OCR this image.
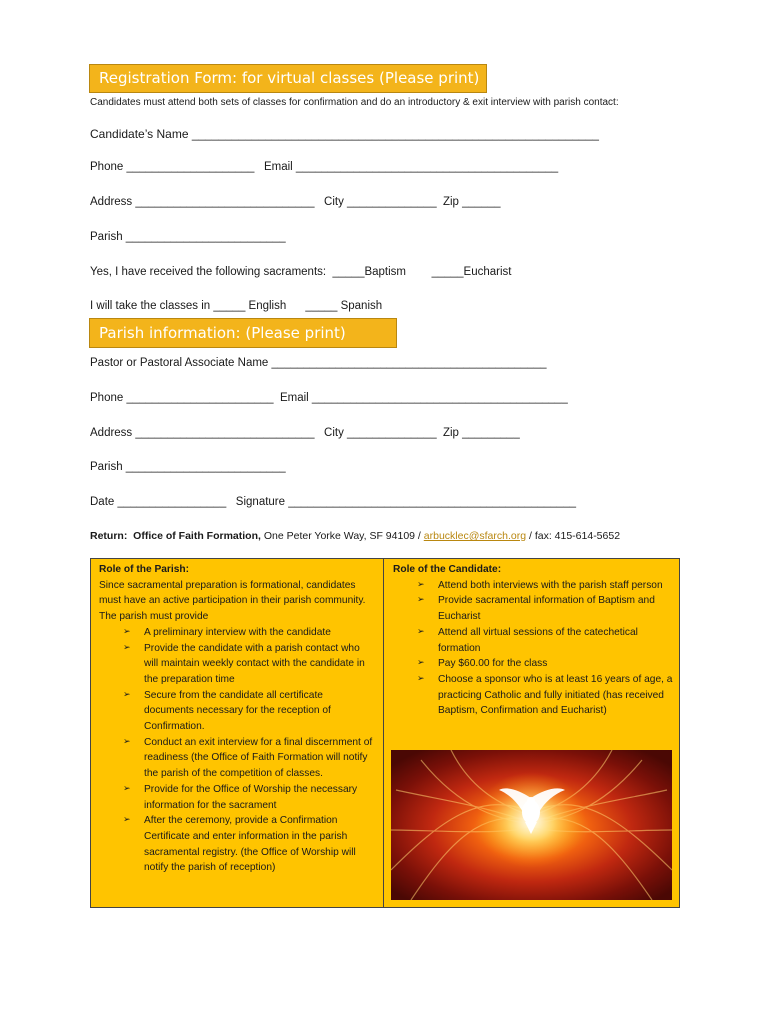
Registration Form: for virtual classes (Please print)
Candidates must attend both sets of classes for confirmation and do an introductory & exit interview with parish contact:
Candidate’s Name _____________________________________________________________
Phone ____________________   Email _________________________________________
Address ____________________________   City ______________  Zip ______
Parish _________________________
Yes, I have received the following sacraments:  _____Baptism        _____Eucharist
I will take the classes in _____ English      _____ Spanish
Parish information: (Please print)
Pastor or Pastoral Associate Name ___________________________________________
Phone _______________________  Email ________________________________________
Address ____________________________   City ______________  Zip _________
Parish _________________________
Date _________________   Signature _____________________________________________
Return:  Office of Faith Formation, One Peter Yorke Way, SF 94109 / arbucklec@sfarch.org / fax: 415-614-5652
Role of the Parish:
Since sacramental preparation is formational, candidates must have an active participation in their parish community. The parish must provide
➢ A preliminary interview with the candidate
➢ Provide the candidate with a parish contact who will maintain weekly contact with the candidate in the preparation time
➢ Secure from the candidate all certificate documents necessary for the reception of Confirmation.
➢ Conduct an exit interview for a final discernment of readiness (the Office of Faith Formation will notify the parish of the competition of classes.
➢ Provide for the Office of Worship the necessary information for the sacrament
➢ After the ceremony, provide a Confirmation Certificate and enter information in the parish sacramental registry. (the Office of Worship will notify the parish of reception)
Role of the Candidate:
➢ Attend both interviews with the parish staff person
➢ Provide sacramental information of Baptism and Eucharist
➢ Attend all virtual sessions of the catechetical formation
➢ Pay $60.00 for the class
➢ Choose a sponsor who is at least 16 years of age, a practicing Catholic and fully initiated (has received Baptism, Confirmation and Eucharist)
